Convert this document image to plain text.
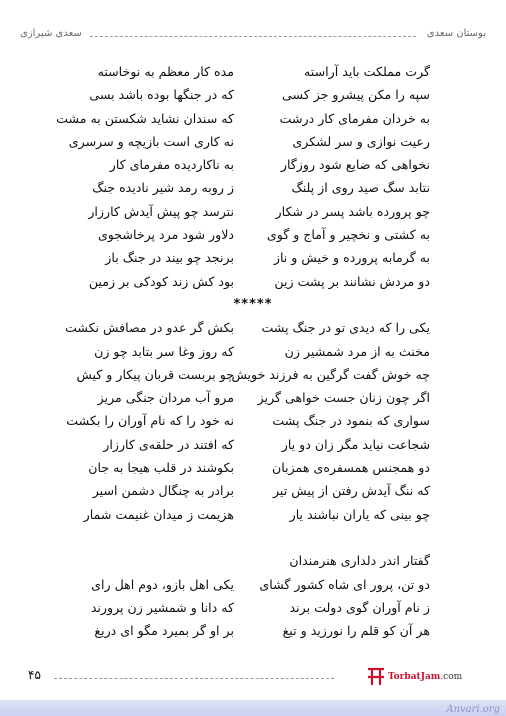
بوستان سعدی
سعدی شیرازی
گرت مملکت باید آراسته
مده کار معظم به نوخاسته
سپه را مکن پیشرو جز کسی
که در جنگها بوده باشد بسی
به خردان مفرمای کار درشت
که سندان نشاید شکستن به مشت
رعیت نوازی و سر لشکری
نه کاری است بازیچه و سرسری
نخواهی که ضایع شود روزگار
به ناکاردیده مفرمای کار
نتابد سگ صید روی از پلنگ
ز روبه رمد شیر نادیده جنگ
چو پرورده باشد پسر در شکار
نترسد چو پیش آیدش کارزار
به کشتی و نخچیر و آماج و گوی
دلاور شود مرد پرخاشجوی
به گرمابه پرورده و خیش و ناز
برنجد چو بیند در جنگ باز
دو مردش نشانند بر پشت زین
بود کش زند کودکی بر زمین
*****
یکی را که دیدی تو در جنگ پشت
بکش گر عدو در مصافش نکشت
مخنث به از مرد شمشیر زن
که روز وغا سر بتابد چو زن
چه خوش گفت گرگین به فرزند خویش
چو بربست قربان پیکار و کیش
اگر چون زنان جست خواهی گریز
مرو آب مردان جنگی مریز
سواری که بنمود در جنگ پشت
نه خود را که نام آوران را بکشت
شجاعت نیاید مگر زان دو یار
که افتند در حلقه‌ی کارزار
دو همجنس همسفره‌ی همزبان
بکوشند در قلب هیجا به جان
که ننگ آیدش رفتن از پیش تیر
برادر به چنگال دشمن اسیر
چو بینی که یاران نباشند یار
هزیمت ز میدان غنیمت شمار
گفتار اندر دلداری هنرمندان
دو تن، پرور ای شاه کشور گشای
یکی اهل بازو، دوم اهل رای
ز نام آوران گوی دولت برند
که دانا و شمشیر زن پرورند
هر آن کو قلم را نورزید و تیغ
بر او گر بمیرد مگو ای دریغ
۴۵	TorbatJam.com
Anvari.org
